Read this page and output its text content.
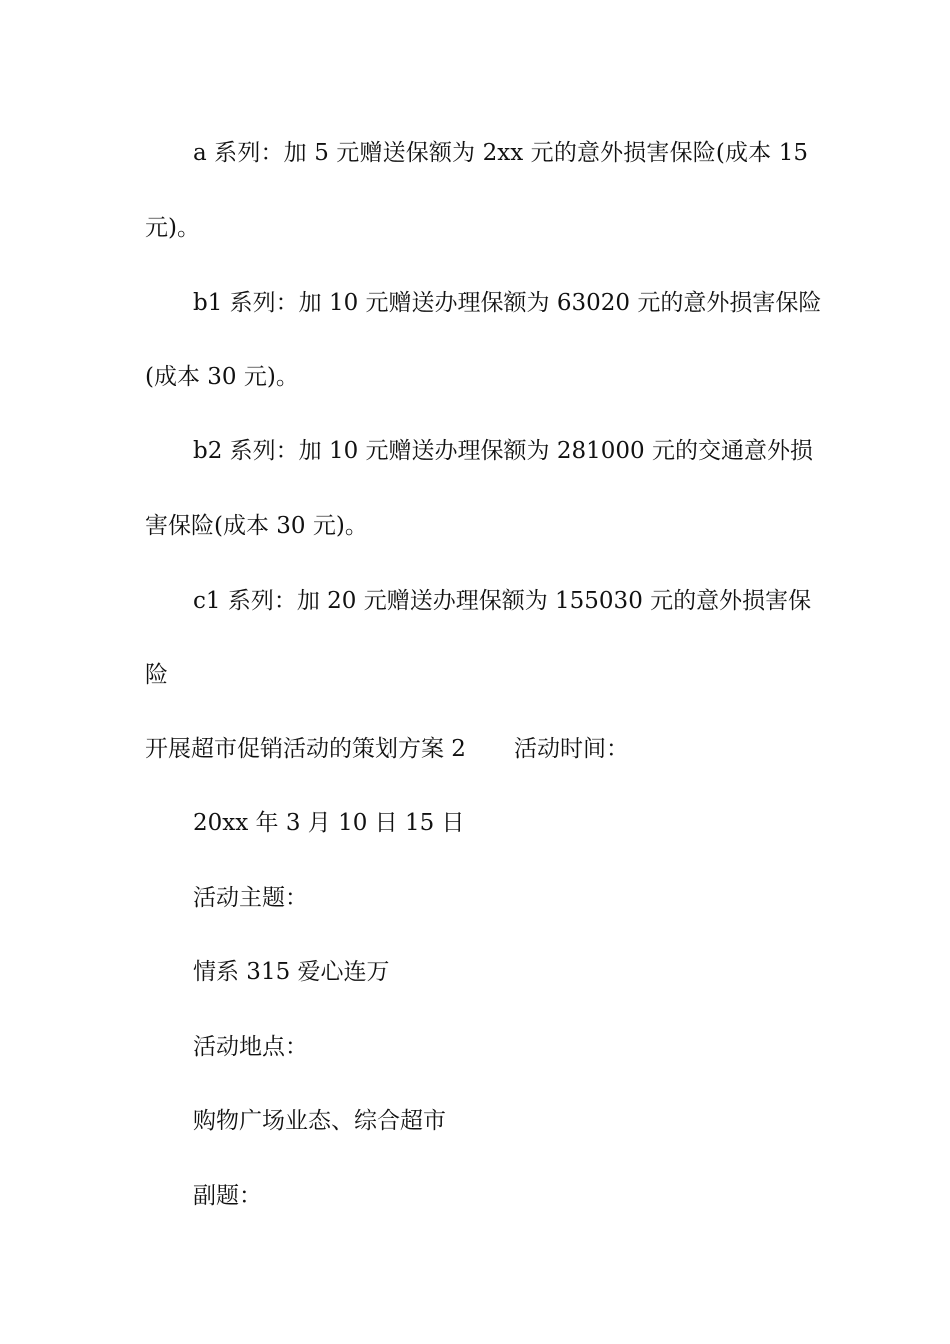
a 系列：加 5 元赠送保额为 2xx 元的意外损害保险(成本 15
元)。
b1 系列：加 10 元赠送办理保额为 63020 元的意外损害保险
(成本 30 元)。
b2 系列：加 10 元赠送办理保额为 281000 元的交通意外损
害保险(成本 30 元)。
c1 系列：加 20 元赠送办理保额为 155030 元的意外损害保
险
开展超市促销活动的策划方案 2 活动时间：
20xx 年 3 月 10 日 15 日
活动主题：
情系 315 爱心连万
活动地点：
购物广场业态、综合超市
副题：
